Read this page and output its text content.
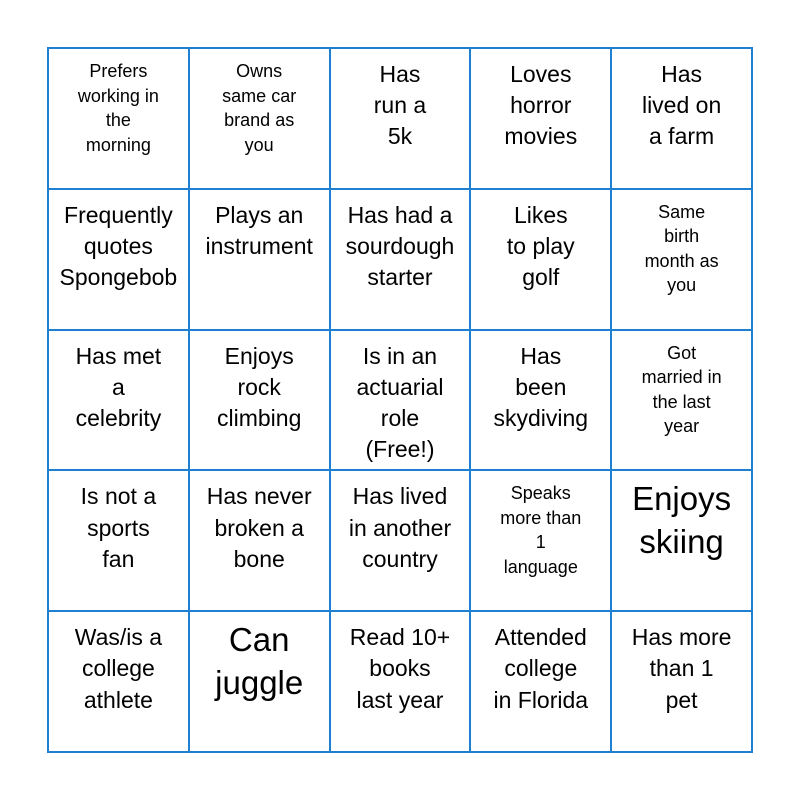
Prefers
working in
the
morning
Owns
same car
brand as
you
Has
run a
5k
Loves
horror
movies
Has
lived on
a farm
Frequently
quotes
Spongebob
Plays an
instrument
Has had a
sourdough
starter
Likes
to play
golf
Same
birth
month as
you
Has met
a
celebrity
Enjoys
rock
climbing
Is in an
actuarial
role
(Free!)
Has
been
skydiving
Got
married in
the last
year
Is not a
sports
fan
Has never
broken a
bone
Has lived
in another
country
Speaks
more than
1
language
Enjoys
skiing
Was/is a
college
athlete
Can
juggle
Read 10+
books
last year
Attended
college
in Florida
Has more
than 1
pet
